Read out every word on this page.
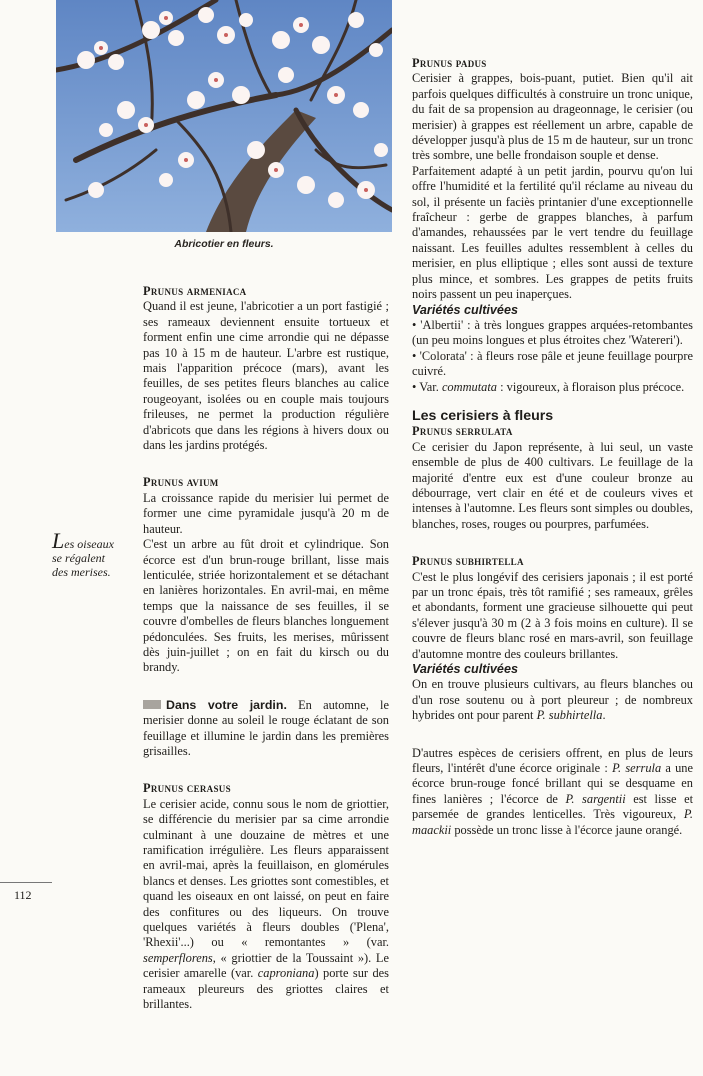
Abricotier en fleurs.
Les oiseaux se régalent des merises.
112

Prunus armeniaca

Quand il est jeune, l'abricotier a un port fastigié ; ses rameaux deviennent ensuite tortueux et forment enfin une cime arrondie qui ne dépasse pas 10 à 15 m de hauteur. L'arbre est rustique, mais l'apparition précoce (mars), avant les feuilles, de ses petites fleurs blanches au calice rougeoyant, isolées ou en couple mais toujours frileuses, ne permet la production régulière d'abricots que dans les régions à hivers doux ou dans les jardins protégés.

Prunus avium

La croissance rapide du merisier lui permet de former une cime pyramidale jusqu'à 20 m de hauteur.

C'est un arbre au fût droit et cylindrique. Son écorce est d'un brun-rouge brillant, lisse mais lenticulée, striée horizontalement et se détachant en lanières horizontales. En avril-mai, en même temps que la naissance de ses feuilles, il se couvre d'ombelles de fleurs blanches longuement pédonculées. Ses fruits, les merises, mûrissent dès juin-juillet ; on en fait du kirsch ou du brandy.

Dans votre jardin. En automne, le merisier donne au soleil le rouge éclatant de son feuillage et illumine le jardin dans les premières grisailles.

Prunus cerasus

Le cerisier acide, connu sous le nom de griottier, se différencie du merisier par sa cime arrondie culminant à une douzaine de mètres et une ramification irrégulière. Les fleurs apparaissent en avril-mai, après la feuillaison, en glomérules blancs et denses. Les griottes sont comestibles, et quand les oiseaux en ont laissé, on peut en faire des confitures ou des liqueurs. On trouve quelques variétés à fleurs doubles ('Plena', 'Rhexii'...) ou « remontantes » (var. semperflorens, « griottier de la Toussaint »). Le cerisier amarelle (var. caproniana) porte sur des rameaux pleureurs des griottes claires et brillantes.

Prunus padus

Cerisier à grappes, bois-puant, putiet. Bien qu'il ait parfois quelques difficultés à construire un tronc unique, du fait de sa propension au drageonnage, le cerisier (ou merisier) à grappes est réellement un arbre, capable de développer jusqu'à plus de 15 m de hauteur, sur un tronc très sombre, une belle frondaison souple et dense.

Parfaitement adapté à un petit jardin, pourvu qu'on lui offre l'humidité et la fertilité qu'il réclame au niveau du sol, il présente un faciès printanier d'une exceptionnelle fraîcheur : gerbe de grappes blanches, à parfum d'amandes, rehaussées par le vert tendre du feuillage naissant. Les feuilles adultes ressemblent à celles du merisier, en plus elliptique ; elles sont aussi de texture plus mince, et sombres. Les grappes de petits fruits noirs passent un peu inaperçues.

Variétés cultivées

• 'Albertii' : à très longues grappes arquées-retombantes (un peu moins longues et plus étroites chez 'Watereri').

• 'Colorata' : à fleurs rose pâle et jeune feuillage pourpre cuivré.

• Var. commutata : vigoureux, à floraison plus précoce.

Les cerisiers à fleurs

Prunus serrulata

Ce cerisier du Japon représente, à lui seul, un vaste ensemble de plus de 400 cultivars. Le feuillage de la majorité d'entre eux est d'une couleur bronze au débourrage, vert clair en été et de couleurs vives et intenses à l'automne. Les fleurs sont simples ou doubles, blanches, roses, rouges ou pourpres, parfumées.

Prunus subhirtella

C'est le plus longévif des cerisiers japonais ; il est porté par un tronc épais, très tôt ramifié ; ses rameaux, grêles et abondants, forment une gracieuse silhouette qui peut s'élever jusqu'à 30 m (2 à 3 fois moins en culture). Il se couvre de fleurs blanc rosé en mars-avril, son feuillage d'automne montre des couleurs brillantes.

Variétés cultivées

On en trouve plusieurs cultivars, au fleurs blanches ou d'un rose soutenu ou à port pleureur ; de nombreux hybrides ont pour parent P. subhirtella.

D'autres espèces de cerisiers offrent, en plus de leurs fleurs, l'intérêt d'une écorce originale : P. serrula a une écorce brun-rouge foncé brillant qui se desquame en fines lanières ; l'écorce de P. sargentii est lisse et parsemée de grandes lenticelles. Très vigoureux, P. maackii possède un tronc lisse à l'écorce jaune orangé.
